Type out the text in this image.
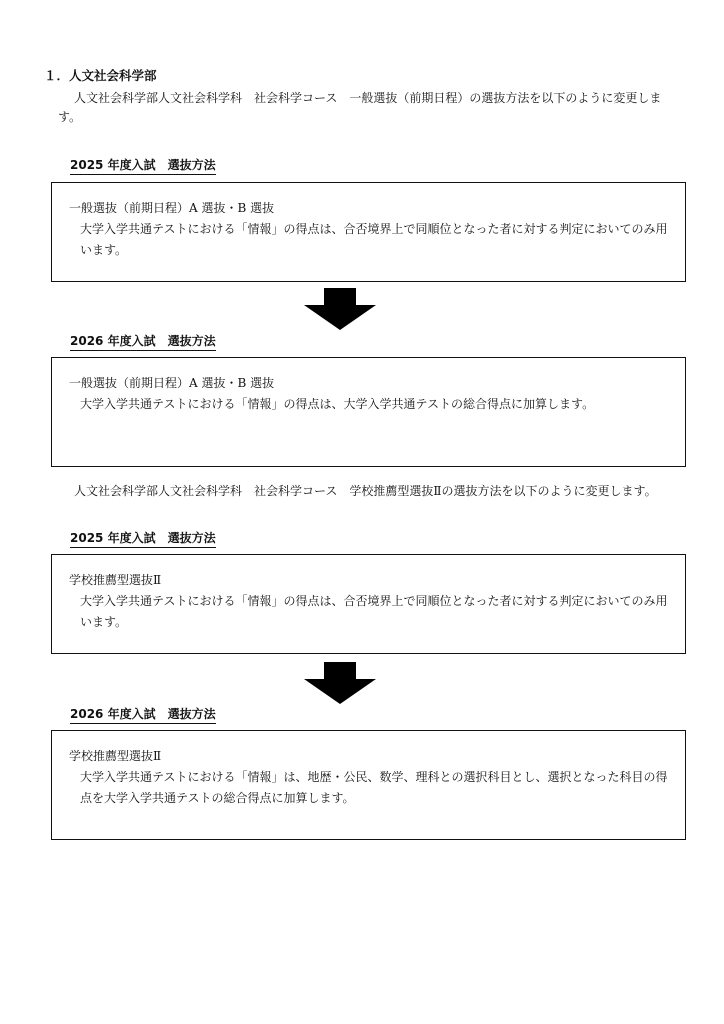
１．人文社会科学部
人文社会科学部人文社会科学科　社会科学コース　一般選抜（前期日程）の選抜方法を以下のように変更します。
2025 年度入試　選抜方法
一般選抜（前期日程）A 選抜・B 選抜
大学入学共通テストにおける「情報」の得点は、合否境界上で同順位となった者に対する判定においてのみ用います。
2026 年度入試　選抜方法
一般選抜（前期日程）A 選抜・B 選抜
大学入学共通テストにおける「情報」の得点は、大学入学共通テストの総合得点に加算します。
人文社会科学部人文社会科学科　社会科学コース　学校推薦型選抜Ⅱの選抜方法を以下のように変更します。
2025 年度入試　選抜方法
学校推薦型選抜Ⅱ
大学入学共通テストにおける「情報」の得点は、合否境界上で同順位となった者に対する判定においてのみ用います。
2026 年度入試　選抜方法
学校推薦型選抜Ⅱ
大学入学共通テストにおける「情報」は、地歴・公民、数学、理科との選択科目とし、選択となった科目の得点を大学入学共通テストの総合得点に加算します。
